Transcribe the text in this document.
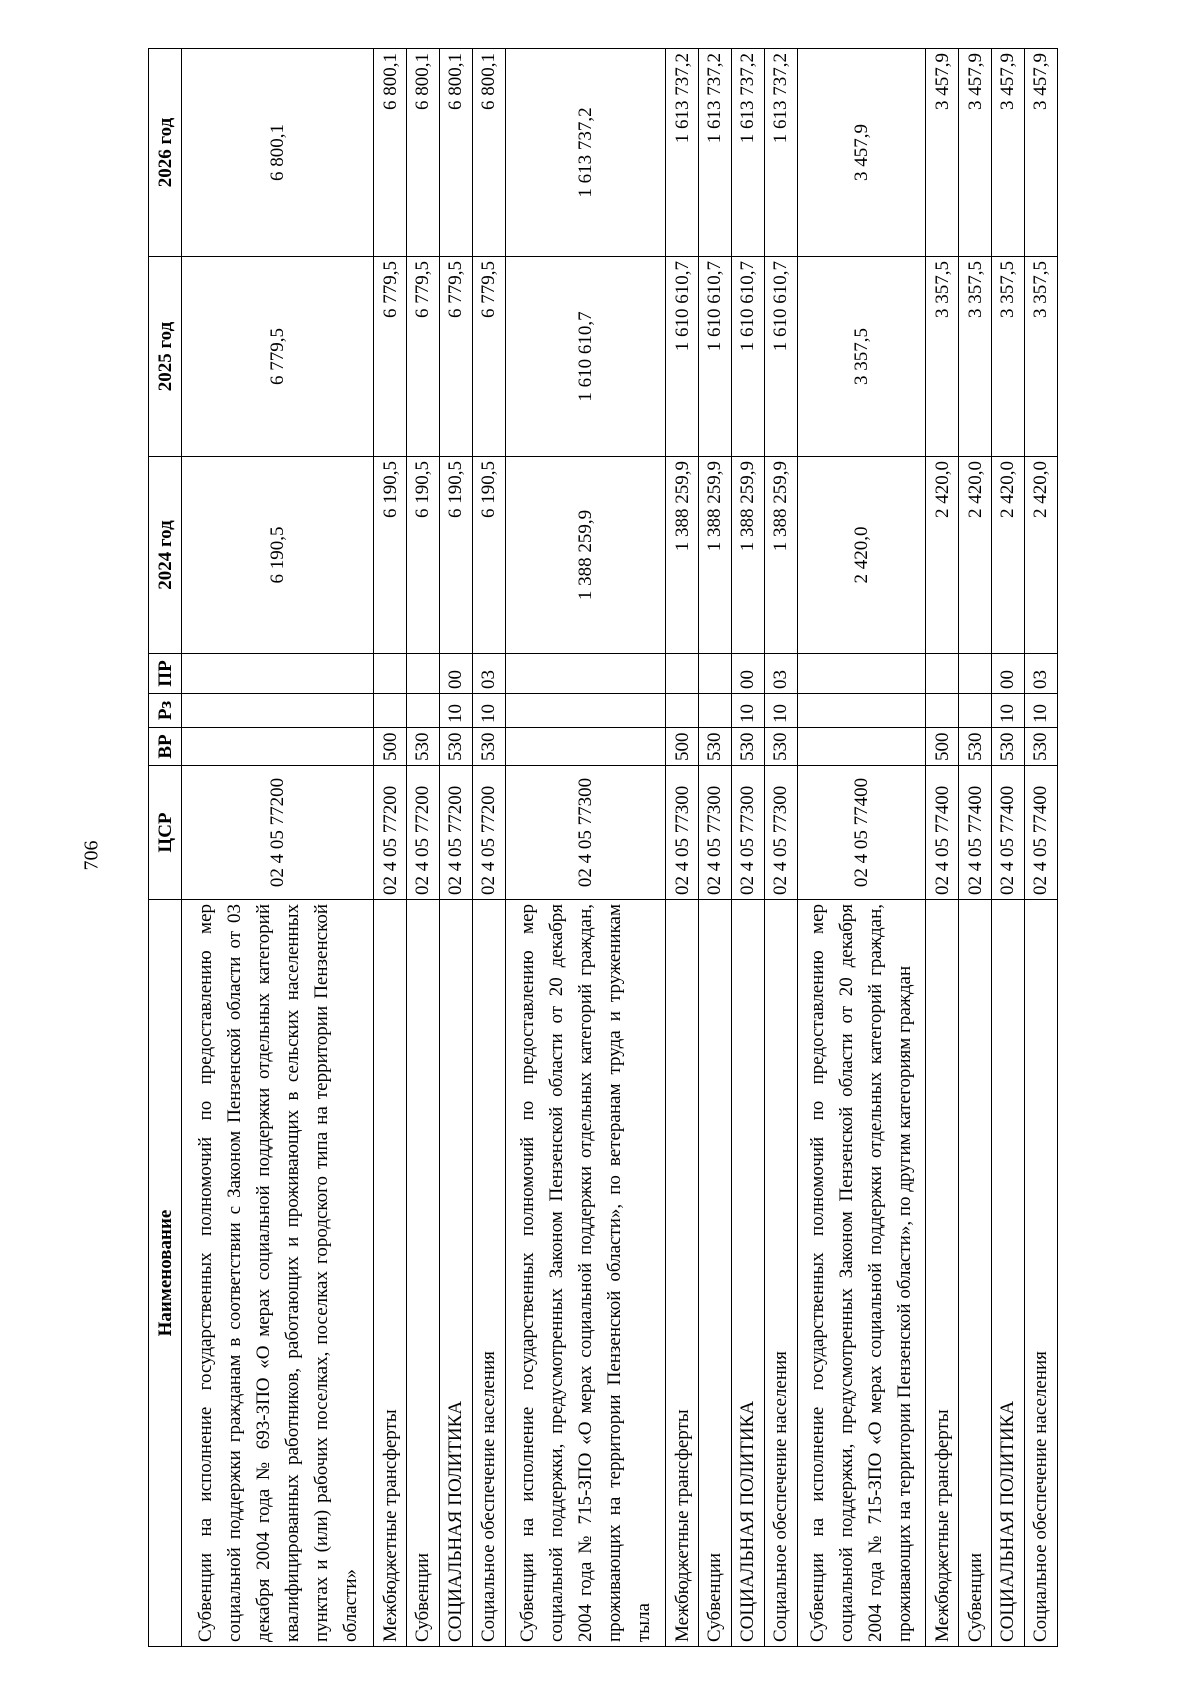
706
Наименование	ЦСР	ВР	Рз	ПР	2024 год	2025 год	2026 год
Субвенции на исполнение государственных полномочий по предоставлению мер социальной поддержки гражданам в соответствии с Законом Пензенской области от 03 декабря 2004 года № 693-ЗПО «О мерах социальной поддержки отдельных категорий квалифицированных работников, работающих и проживающих в сельских населенных пунктах и (или) рабочих поселках, поселках городского типа на территории Пензенской области»	02 4 05 77200				6 190,5	6 779,5	6 800,1
Межбюджетные трансферты	02 4 05 77200	500			6 190,5	6 779,5	6 800,1
Субвенции	02 4 05 77200	530			6 190,5	6 779,5	6 800,1
СОЦИАЛЬНАЯ ПОЛИТИКА	02 4 05 77200	530	10	00	6 190,5	6 779,5	6 800,1
Социальное обеспечение населения	02 4 05 77200	530	10	03	6 190,5	6 779,5	6 800,1
Субвенции на исполнение государственных полномочий по предоставлению мер социальной поддержки, предусмотренных Законом Пензенской области от 20 декабря 2004 года № 715-ЗПО «О мерах социальной поддержки отдельных категорий граждан, проживающих на территории Пензенской области», по ветеранам труда и труженикам тыла	02 4 05 77300				1 388 259,9	1 610 610,7	1 613 737,2
Межбюджетные трансферты	02 4 05 77300	500			1 388 259,9	1 610 610,7	1 613 737,2
Субвенции	02 4 05 77300	530			1 388 259,9	1 610 610,7	1 613 737,2
СОЦИАЛЬНАЯ ПОЛИТИКА	02 4 05 77300	530	10	00	1 388 259,9	1 610 610,7	1 613 737,2
Социальное обеспечение населения	02 4 05 77300	530	10	03	1 388 259,9	1 610 610,7	1 613 737,2
Субвенции на исполнение государственных полномочий по предоставлению мер социальной поддержки, предусмотренных Законом Пензенской области от 20 декабря 2004 года № 715-ЗПО «О мерах социальной поддержки отдельных категорий граждан, проживающих на территории Пензенской области», по другим категориям граждан	02 4 05 77400				2 420,0	3 357,5	3 457,9
Межбюджетные трансферты	02 4 05 77400	500			2 420,0	3 357,5	3 457,9
Субвенции	02 4 05 77400	530			2 420,0	3 357,5	3 457,9
СОЦИАЛЬНАЯ ПОЛИТИКА	02 4 05 77400	530	10	00	2 420,0	3 357,5	3 457,9
Социальное обеспечение населения	02 4 05 77400	530	10	03	2 420,0	3 357,5	3 457,9
